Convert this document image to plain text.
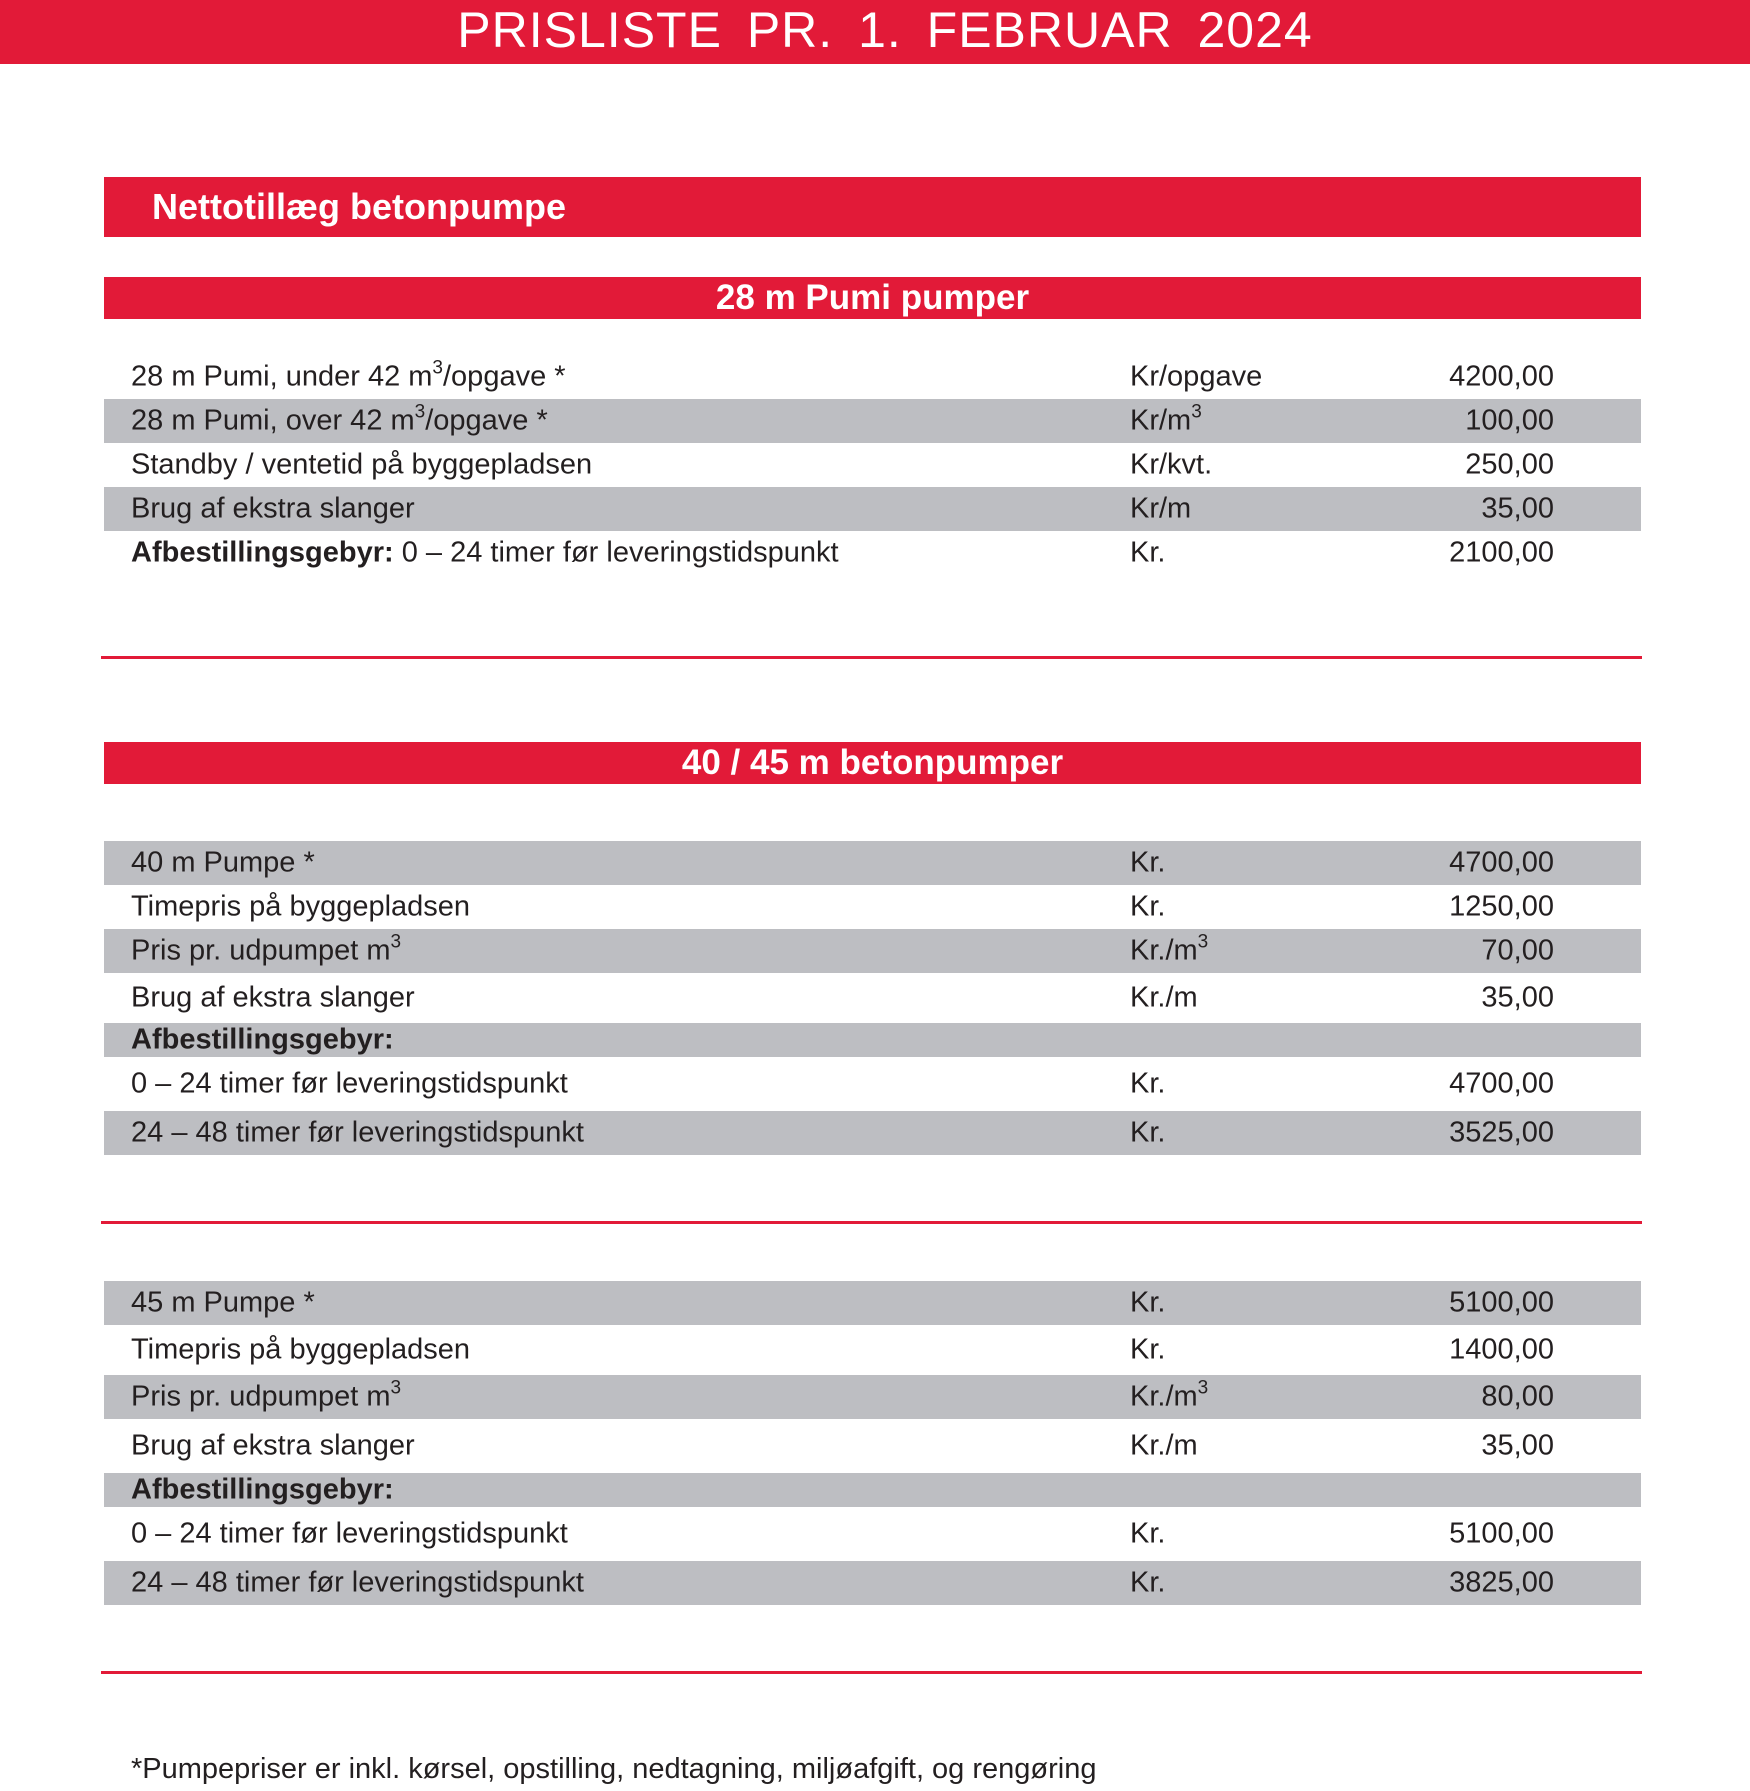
PRISLISTE PR. 1. FEBRUAR 2024
Nettotillæg betonpumpe
28 m Pumi pumper
28 m Pumi, under 42 $m^3$/opgave *	Kr/opgave	4200,00
28 m Pumi, over 42 $m^3$/opgave *	$Kr/m^3$	100,00
Standby / ventetid på byggepladsen	Kr/kvt.	250,00
Brug af ekstra slanger	Kr/m	35,00
Afbestillingsgebyr: 0 – 24 timer før leveringstidspunkt	Kr.	2100,00
40 / 45 m betonpumper
40 m Pumpe *	Kr.	4700,00
Timepris på byggepladsen	Kr.	1250,00
Pris pr. udpumpet $m^3$	$Kr./m^3$	70,00
Brug af ekstra slanger	Kr./m	35,00
Afbestillingsgebyr:
0 – 24 timer før leveringstidspunkt	Kr.	4700,00
24 – 48 timer før leveringstidspunkt	Kr.	3525,00
45 m Pumpe *	Kr.	5100,00
Timepris på byggepladsen	Kr.	1400,00
Pris pr. udpumpet $m^3$	$Kr./m^3$	80,00
Brug af ekstra slanger	Kr./m	35,00
Afbestillingsgebyr:
0 – 24 timer før leveringstidspunkt	Kr.	5100,00
24 – 48 timer før leveringstidspunkt	Kr.	3825,00
*Pumpepriser er inkl. kørsel, opstilling, nedtagning, miljøafgift, og rengøring
